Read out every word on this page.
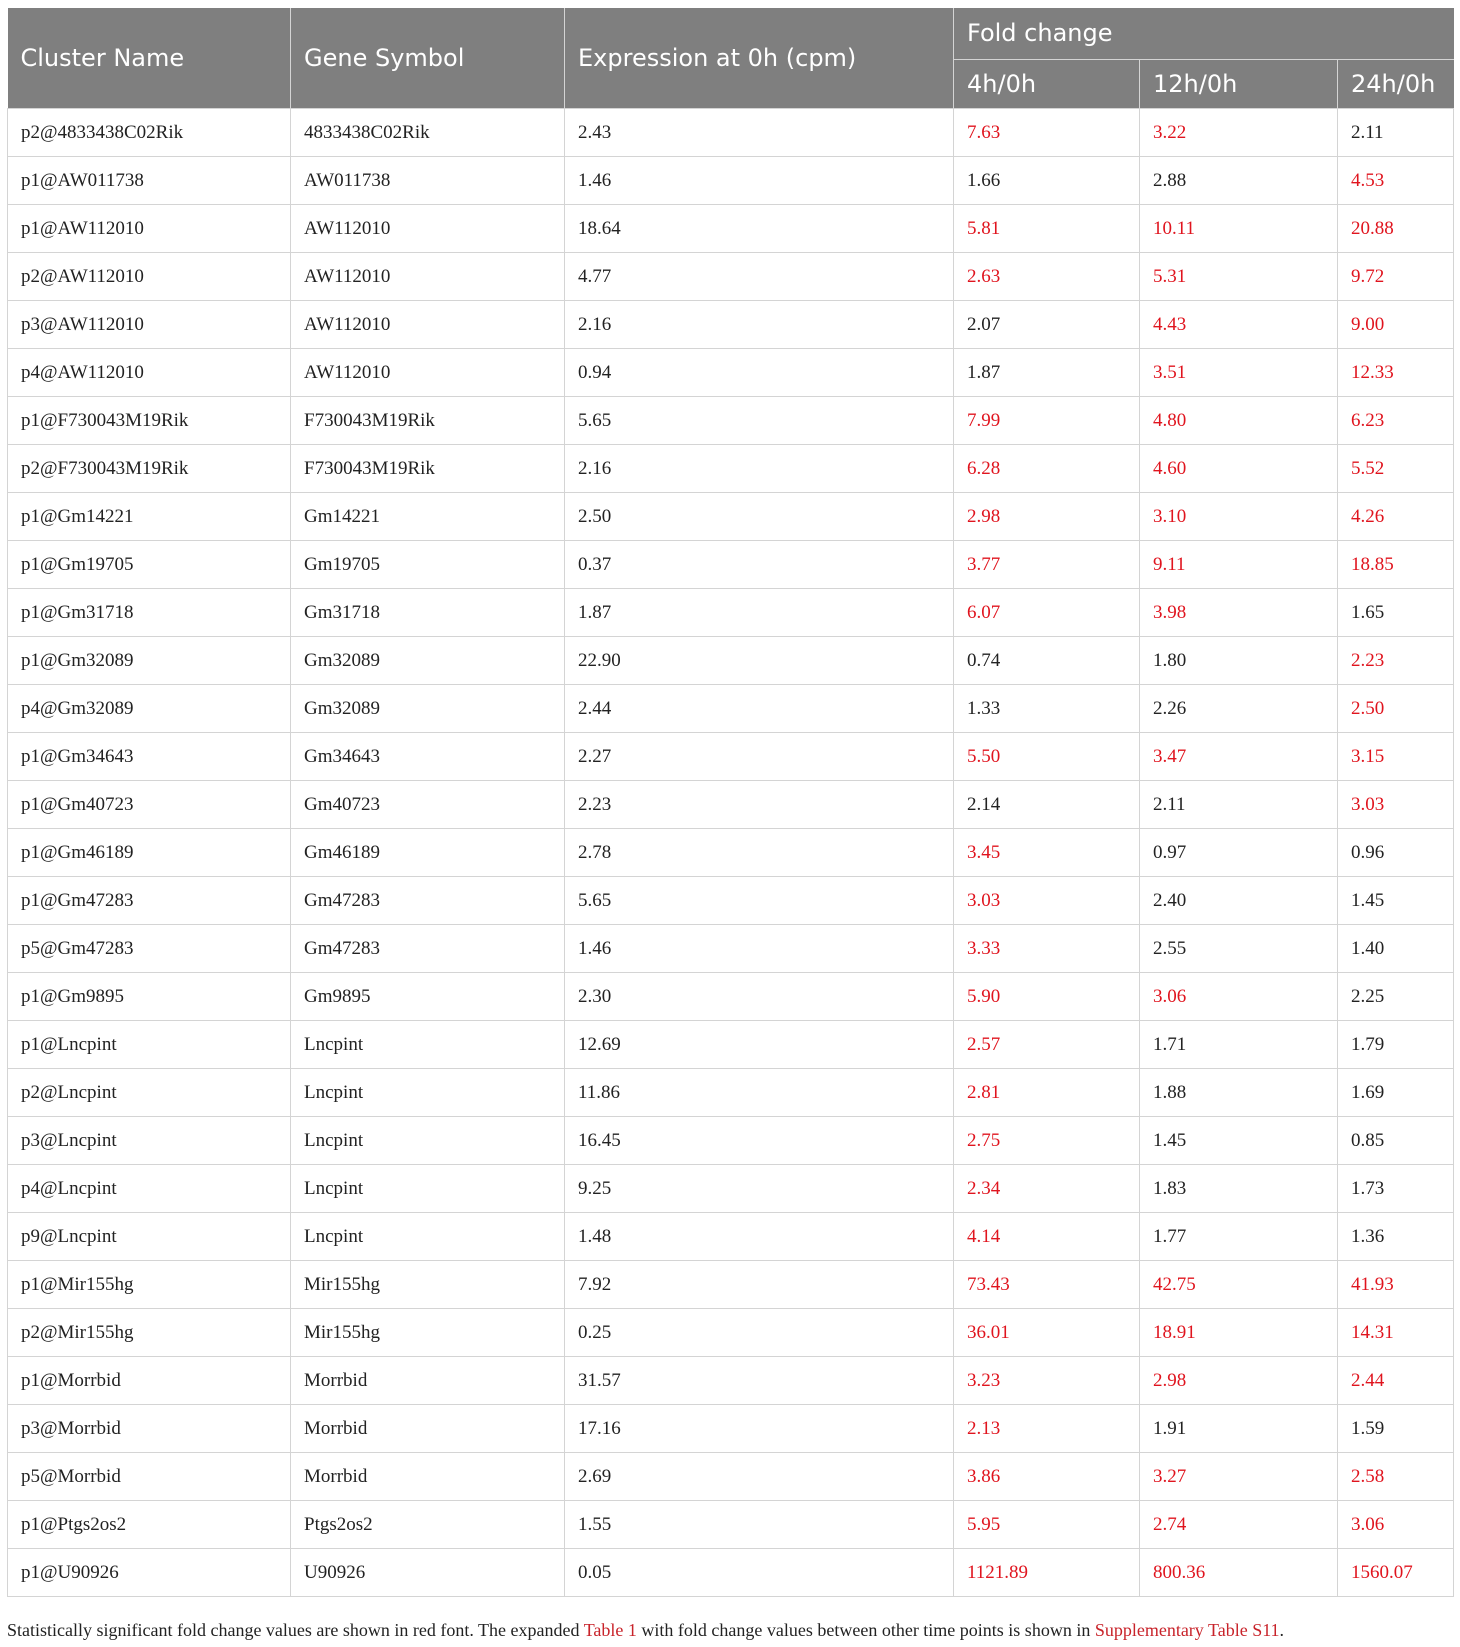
Cluster Name	Gene Symbol	Expression at 0h (cpm)	Fold change		
			4h/0h	12h/0h	24h/0h
p2@4833438C02Rik	4833438C02Rik	2.43	7.63	3.22	2.11
p1@AW011738	AW011738	1.46	1.66	2.88	4.53
p1@AW112010	AW112010	18.64	5.81	10.11	20.88
p2@AW112010	AW112010	4.77	2.63	5.31	9.72
p3@AW112010	AW112010	2.16	2.07	4.43	9.00
p4@AW112010	AW112010	0.94	1.87	3.51	12.33
p1@F730043M19Rik	F730043M19Rik	5.65	7.99	4.80	6.23
p2@F730043M19Rik	F730043M19Rik	2.16	6.28	4.60	5.52
p1@Gm14221	Gm14221	2.50	2.98	3.10	4.26
p1@Gm19705	Gm19705	0.37	3.77	9.11	18.85
p1@Gm31718	Gm31718	1.87	6.07	3.98	1.65
p1@Gm32089	Gm32089	22.90	0.74	1.80	2.23
p4@Gm32089	Gm32089	2.44	1.33	2.26	2.50
p1@Gm34643	Gm34643	2.27	5.50	3.47	3.15
p1@Gm40723	Gm40723	2.23	2.14	2.11	3.03
p1@Gm46189	Gm46189	2.78	3.45	0.97	0.96
p1@Gm47283	Gm47283	5.65	3.03	2.40	1.45
p5@Gm47283	Gm47283	1.46	3.33	2.55	1.40
p1@Gm9895	Gm9895	2.30	5.90	3.06	2.25
p1@Lncpint	Lncpint	12.69	2.57	1.71	1.79
p2@Lncpint	Lncpint	11.86	2.81	1.88	1.69
p3@Lncpint	Lncpint	16.45	2.75	1.45	0.85
p4@Lncpint	Lncpint	9.25	2.34	1.83	1.73
p9@Lncpint	Lncpint	1.48	4.14	1.77	1.36
p1@Mir155hg	Mir155hg	7.92	73.43	42.75	41.93
p2@Mir155hg	Mir155hg	0.25	36.01	18.91	14.31
p1@Morrbid	Morrbid	31.57	3.23	2.98	2.44
p3@Morrbid	Morrbid	17.16	2.13	1.91	1.59
p5@Morrbid	Morrbid	2.69	3.86	3.27	2.58
p1@Ptgs2os2	Ptgs2os2	1.55	5.95	2.74	3.06
p1@U90926	U90926	0.05	1121.89	800.36	1560.07
Statistically significant fold change values are shown in red font. The expanded Table 1 with fold change values between other time points is shown in Supplementary Table S11.
